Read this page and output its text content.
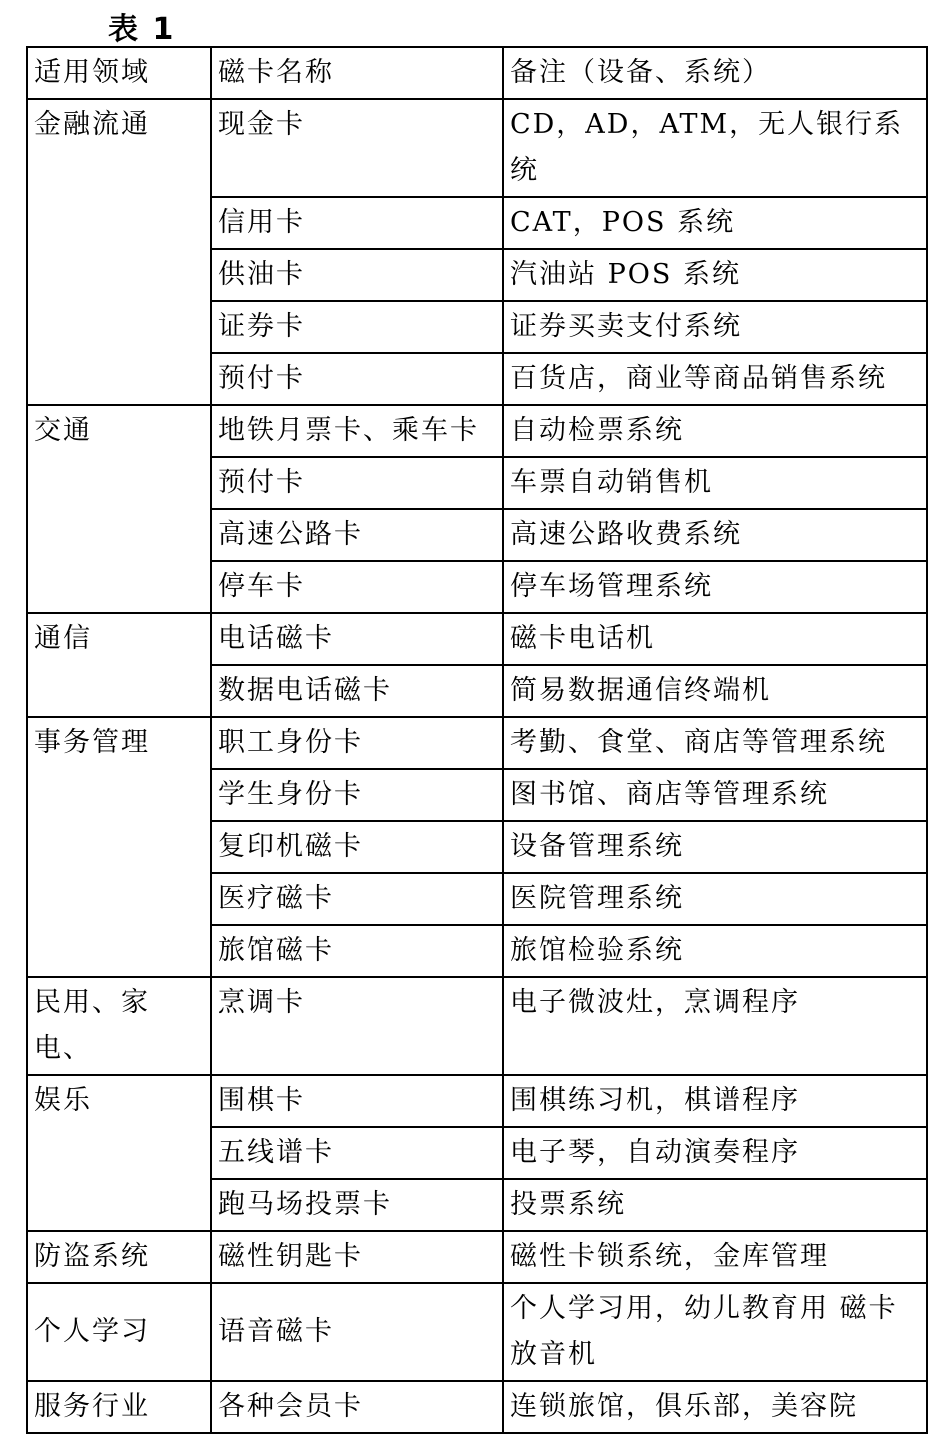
表 1
适用领域	磁卡名称	备注（设备、系统）
金融流通	现金卡	CD，AD，ATM，无人银行系统
	信用卡	CAT，POS 系统
	供油卡	汽油站 POS 系统
	证券卡	证券买卖支付系统
	预付卡	百货店，商业等商品销售系统
交通	地铁月票卡、乘车卡	自动检票系统
	预付卡	车票自动销售机
	高速公路卡	高速公路收费系统
	停车卡	停车场管理系统
通信	电话磁卡	磁卡电话机
	数据电话磁卡	简易数据通信终端机
事务管理	职工身份卡	考勤、食堂、商店等管理系统
	学生身份卡	图书馆、商店等管理系统
	复印机磁卡	设备管理系统
	医疗磁卡	医院管理系统
	旅馆磁卡	旅馆检验系统
民用、家电、	烹调卡	电子微波灶，烹调程序
娱乐	围棋卡	围棋练习机，棋谱程序
	五线谱卡	电子琴，自动演奏程序
	跑马场投票卡	投票系统
防盗系统	磁性钥匙卡	磁性卡锁系统，金库管理
个人学习	语音磁卡	个人学习用，幼儿教育用 磁卡放音机
服务行业	各种会员卡	连锁旅馆，俱乐部，美容院
